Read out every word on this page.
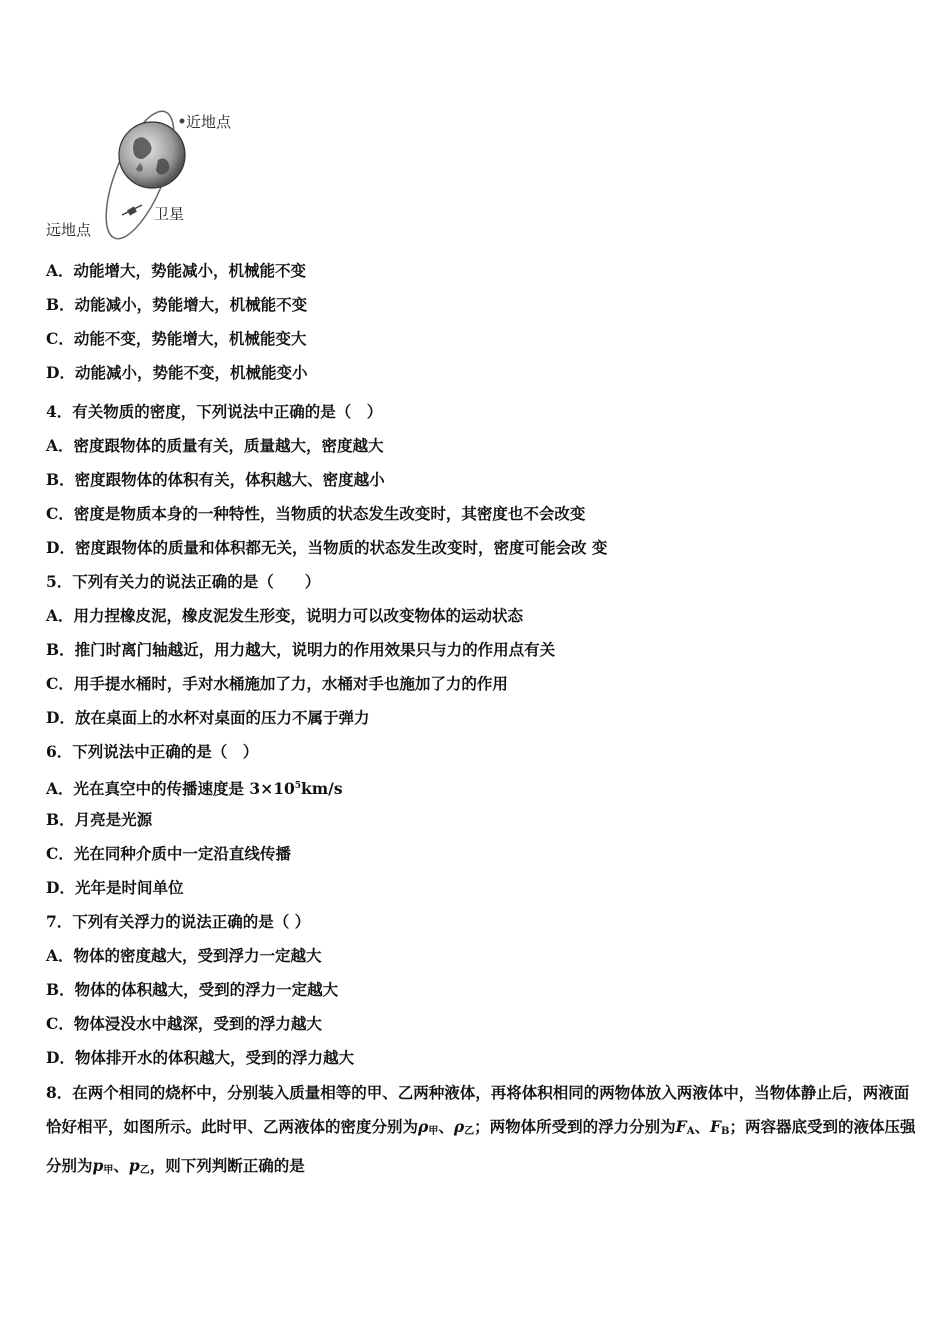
近地点
远地点
卫星
A．动能增大，势能减小，机械能不变
B．动能减小，势能增大，机械能不变
C．动能不变，势能增大，机械能变大
D．动能减小，势能不变，机械能变小
4．有关物质的密度，下列说法中正确的是（　）
A．密度跟物体的质量有关，质量越大，密度越大
B．密度跟物体的体积有关，体积越大、密度越小
C．密度是物质本身的一种特性，当物质的状态发生改变时，其密度也不会改变
D．密度跟物体的质量和体积都无关，当物质的状态发生改变时，密度可能会改 变
5．下列有关力的说法正确的是（　　）
A．用力捏橡皮泥，橡皮泥发生形变，说明力可以改变物体的运动状态
B．推门时离门轴越近，用力越大，说明力的作用效果只与力的作用点有关
C．用手提水桶时，手对水桶施加了力，水桶对手也施加了力的作用
D．放在桌面上的水杯对桌面的压力不属于弹力
6．下列说法中正确的是（　）
A．光在真空中的传播速度是 $3\times 10^5km/s$
B．月亮是光源
C．光在同种介质中一定沿直线传播
D．光年是时间单位
7．下列有关浮力的说法正确的是（ ）
A．物体的密度越大，受到浮力一定越大
B．物体的体积越大，受到的浮力一定越大
C．物体浸没水中越深，受到的浮力越大
D．物体排开水的体积越大，受到的浮力越大
8．在两个相同的烧杯中，分别装入质量相等的甲、乙两种液体，再将体积相同的两物体放入两液体中，当物体静止后，两液面恰好相平，如图所示。此时甲、乙两液体的密度分别为$\rho_甲$、$\rho_乙$；两物体所受到的浮力分别为$F_A$、$F_B$；两容器底受到的液体压强分别为$p_甲$、$p_乙$，则下列判断正确的是
